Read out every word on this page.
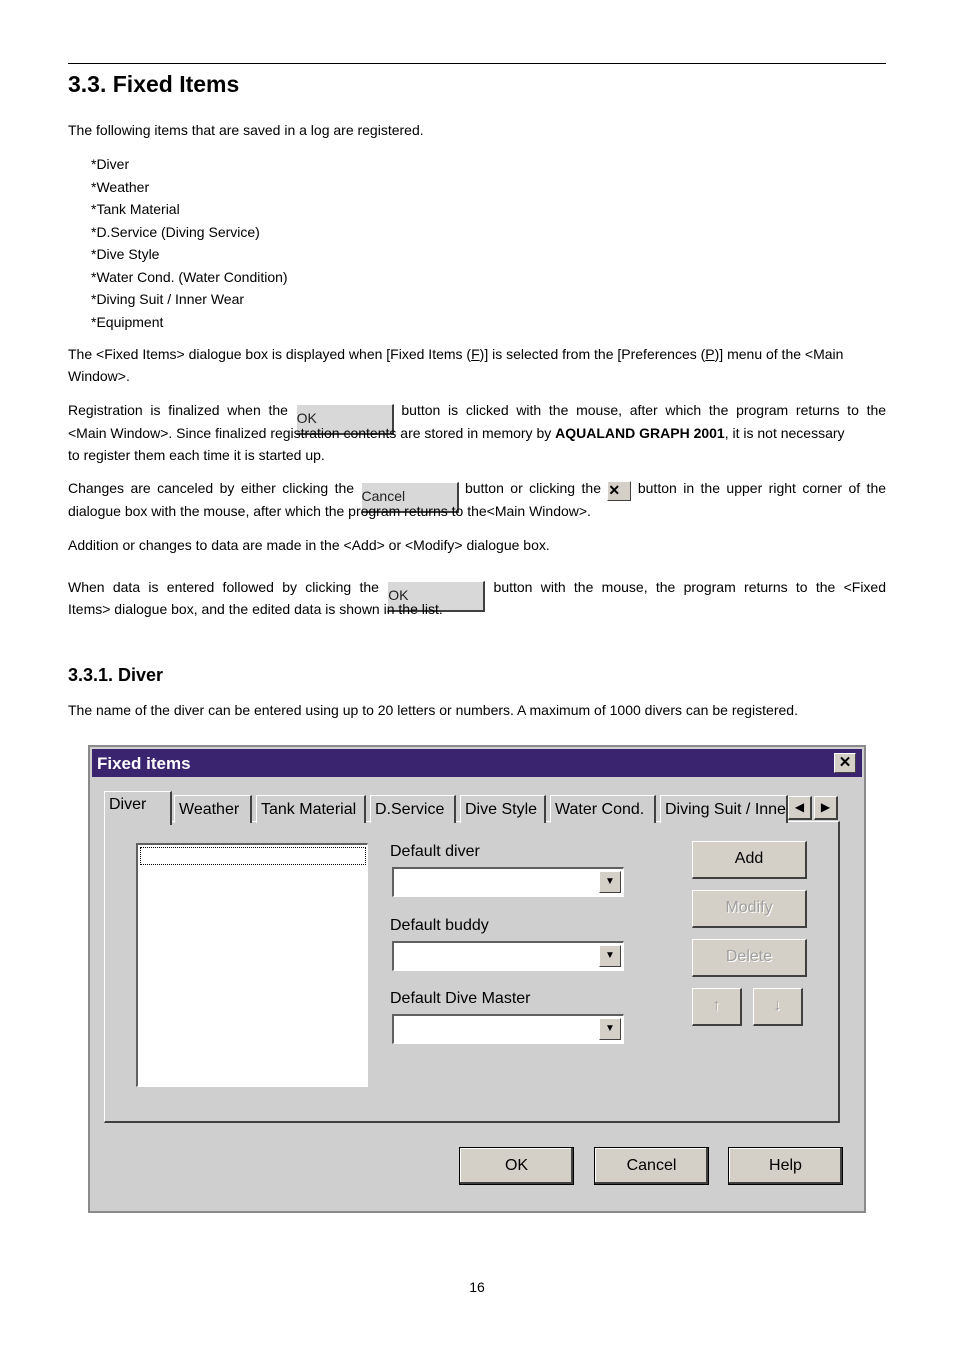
3.3. Fixed Items

The following items that are saved in a log are registered.

*Diver
*Weather
*Tank Material
*D.Service (Diving Service)
*Dive Style
*Water Cond. (Water Condition)
*Diving Suit / Inner Wear
*Equipment

The <Fixed Items> dialogue box is displayed when [Fixed Items (F)] is selected from the [Preferences (P)] menu of the <Main
Window>.

Registration is finalized when the OK	button is clicked with the mouse, after which the program returns to the
<Main Window>. Since finalized registration contents are stored in memory by AQUALAND GRAPH 2001, it is not necessary
to register them each time it is started up.
Changes are canceled by either clicking the Cancel	button or clicking the ✕ button in the upper right corner of the
dialogue box with the mouse, after which the program returns to the<Main Window>.

Addition or changes to data are made in the <Add> or <Modify> dialogue box.

When data is entered followed by clicking the OK	button with the mouse, the program returns to the <Fixed
Items> dialogue box, and the edited data is shown in the list.
3.3.1. Diver

The name of the diver can be entered using up to 20 letters or numbers. A maximum of 1000 divers can be registered.

Fixed items	✕
Diver	Weather	Tank Material	D.Service	Dive Style	Water Cond.	Diving Suit / Inne ◀	▶
Default diver
▼
Default buddy
▼
Default Dive Master
▼
Add
Modify
Delete
↑	↓
OK	Cancel	Help
16
